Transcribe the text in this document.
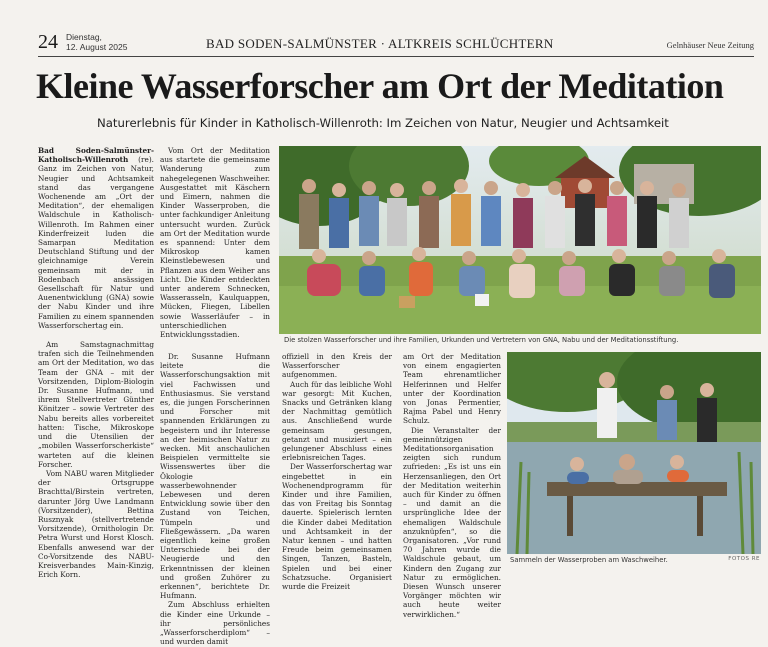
24 Dienstag,
12. August 2025	BAD SODEN-SALMÜNSTER · ALTKREIS SCHLÜCHTERN	Gelnhäuser Neue Zeitung
Kleine Wasserforscher am Ort der Meditation
Naturerlebnis für Kinder in Katholisch-Willenroth: Im Zeichen von Natur, Neugier und Achtsamkeit

Bad Soden-Salmünster-Katholisch-Willenroth (re). Ganz im Zeichen von Natur, Neugier und Achtsamkeit stand das vergangene Wochenende am „Ort der Meditation“, der ehemaligen Waldschule in Katholisch-Willenroth. Im Rahmen einer Kinderfreizeit luden die Samarpan Meditation Deutschland Stiftung und der gleichnamige Verein gemeinsam mit der in Rodenbach ansässigen Gesellschaft für Natur und Auenentwicklung (GNA) sowie der Nabu Kinder und ihre Familien zu einem spannenden Wasserforschertag ein.

Am Samstagnachmittag trafen sich die Teilnehmenden am Ort der Meditation, wo das Team der GNA – mit der Vorsitzenden, Diplom-Biologin Dr. Susanne Hufmann, und ihrem Stellvertreter Günther Könitzer – sowie Vertreter des Nabu bereits alles vorbereitet hatten: Tische, Mikroskope und die Utensilien der „mobilen Wasserforscherkiste“ warteten auf die kleinen Forscher.

Vom NABU waren Mitglieder der Ortsgruppe Brachttal/Birstein vertreten, darunter Jörg Uwe Landmann (Vorsitzender), Bettina Rusznyak (stellvertretende Vorsitzende), Ornithologin Dr. Petra Wurst und Horst Klosch. Ebenfalls anwesend war der Co-Vorsitzende des NABU-Kreisverbandes Main-Kinzig, Erich Korn.

Vom Ort der Meditation aus startete die gemeinsame Wanderung zum nahegelegenen Waschweiher. Ausgestattet mit Käschern und Eimern, nahmen die Kinder Wasserproben, die unter fachkundiger Anleitung untersucht wurden. Zurück am Ort der Meditation wurde es spannend: Unter dem Mikroskop kamen Kleinstlebewesen und Pflanzen aus dem Weiher ans Licht. Die Kinder entdeckten unter anderem Schnecken, Wasserasseln, Kaulquappen, Mücken, Fliegen, Libellen sowie Wasserläufer – in unterschiedlichen Entwicklungsstadien.

Die stolzen Wasserforscher und ihre Familien, Urkunden und Vertretern von GNA, Nabu und der Meditationsstiftung.

Dr. Susanne Hufmann leitete die Wasserforschungsaktion mit viel Fachwissen und Enthusiasmus. Sie verstand es, die jungen Forscherinnen und Forscher mit spannenden Erklärungen zu begeistern und ihr Interesse an der heimischen Natur zu wecken. Mit anschaulichen Beispielen vermittelte sie Wissenswertes über die Ökologie wasserbewohnender Lebewesen und deren Entwicklung sowie über den Zustand von Teichen, Tümpeln und Fließgewässern. „Da waren eigentlich keine großen Unterschiede bei der Neugierde und den Erkenntnissen der kleinen und großen Zuhörer zu erkennen“, berichtete Dr. Hufmann.

Zum Abschluss erhielten die Kinder eine Urkunde – ihr persönliches „Wasserforscherdiplom“ – und wurden damit

offiziell in den Kreis der Wasserforscher aufgenommen.

Auch für das leibliche Wohl war gesorgt: Mit Kuchen, Snacks und Getränken klang der Nachmittag gemütlich aus. Anschließend wurde gemeinsam gesungen, getanzt und musiziert – ein gelungener Abschluss eines erlebnisreichen Tages.

Der Wasserforschertag war eingebettet in ein Wochenendprogramm für Kinder und ihre Familien, das von Freitag bis Sonntag dauerte. Spielerisch lernten die Kinder dabei Meditation und Achtsamkeit in der Natur kennen – und hatten Freude beim gemeinsamen Singen, Tanzen, Basteln, Spielen und bei einer Schatzsuche. Organisiert wurde die Freizeit

am Ort der Meditation von einem engagierten Team ehrenamtlicher Helferinnen und Helfer unter der Koordination von Jonas Permentier, Rajma Pabel und Henry Schulz.

Die Veranstalter der gemeinnützigen Meditationsorganisation zeigten sich rundum zufrieden: „Es ist uns ein Herzensanliegen, den Ort der Meditation weiterhin auch für Kinder zu öffnen – und damit an die ursprüngliche Idee der ehemaligen Waldschule anzuknüpfen“, so die Organisatoren. „Vor rund 70 Jahren wurde die Waldschule gebaut, um Kindern den Zugang zur Natur zu ermöglichen. Diesen Wunsch unserer Vorgänger möchten wir auch heute weiter verwirklichen.“

Sammeln der Wasserproben am Waschweiher.	FOTOS RE
